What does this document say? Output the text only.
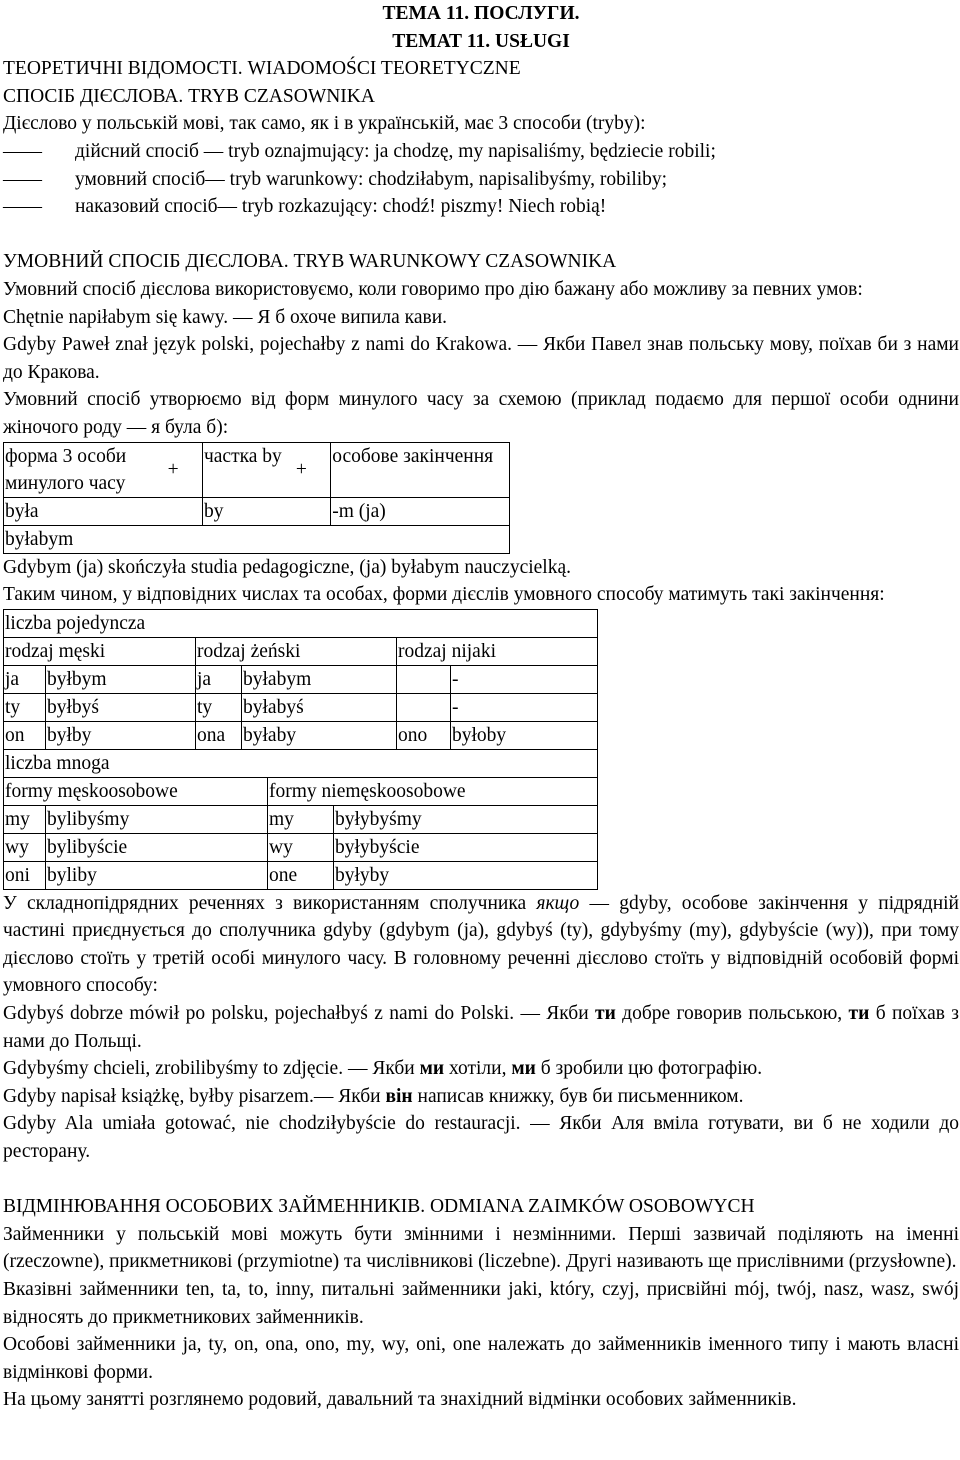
ТЕМА 11. ПОСЛУГИ.
ТЕМАТ 11. USŁUGI
ТЕОРЕТИЧНІ ВІДОМОСТІ. WIADOMOŚCI TEORETYCZNE
СПОСІБ ДІЄСЛОВА. TRYB CZASOWNIKA
Дієслово у польській мові, так само, як і в українській, має 3 способи (tryby):
——	дійсний спосіб — tryb oznajmujący: ja chodzę, my napisaliśmy, będziecie robili;
——	умовний спосіб— tryb warunkowy: chodziłabym, napisalibyśmy, robiliby;
——	наказовий спосіб— tryb rozkazujący: chodź! piszmy! Niech robią!
УМОВНИЙ СПОСІБ ДІЄСЛОВА. TRYB WARUNKOWY CZASOWNIKA
Умовний спосіб дієслова використовуємо, коли говоримо про дію бажану або можливу за певних умов:
Chętnie napiłabym się kawy. — Я б охоче випила кави.
Gdyby Paweł znał język polski, pojechałby z nami do Krakowa. — Якби Павел знав польську мову, поїхав би з нами до Кракова.
Умовний спосіб утворюємо від форм минулого часу за схемою (приклад подаємо для першої особи однини жіночого роду — я була б):
форма 3 особи минулого часу	+	частка by	+	особове закінчення
była		by		-m (ja)
byłabym				
Gdybym (ja) skończyła studia pedagogiczne, (ja) byłabym nauczycielką.
Таким чином, у відповідних числах та особах, форми дієслів умовного способу матимуть такі закінчення:
liczba pojedyncza					
rodzaj męski		rodzaj żeński		rodzaj nijaki	
ja	byłbym	ja	byłabym		-
ty	byłbyś	ty	byłabyś		-
on	byłby	ona	byłaby	ono	byłoby
liczba mnoga			
formy męskoosobowe		formy niemęskoosobowe	
my	bylibyśmy	my	byłybyśmy
wy	bylibyście	wy	byłybyście
oni	byliby	one	byłyby
У складнопідрядних реченнях з використанням сполучника якщо — gdyby, особове закінчення у підрядній частині приєднується до сполучника gdyby (gdybym (ja), gdybyś (ty), gdybyśmy (my), gdybyście (wy)), при тому дієслово стоїть у третій особі минулого часу. В головному реченні дієслово стоїть у відповідній особовій формі умовного способу:
Gdybyś dobrze mówił po polsku, pojechałbyś z nami do Polski. — Якби ти добре говорив польською, ти б поїхав з нами до Польщі.
Gdybyśmy chcieli, zrobilibyśmy to zdjęcie. — Якби ми хотіли, ми б зробили цю фотографію.
Gdyby napisał książkę, byłby pisarzem.— Якби він написав книжку, був би письменником.
Gdyby Ala umiała gotować, nie chodziłybyście do restauracji. — Якби Аля вміла готувати, ви б не ходили до ресторану.
ВІДМІНЮВАННЯ ОСОБОВИХ ЗАЙМЕННИКІВ. ODMIANA ZAIMKÓW OSOBOWYCH
Займенники у польській мові можуть бути змінними і незмінними. Перші зазвичай поділяють на іменні (rzeczowne), прикметникові (przymiotne) та числівникові (liczebne). Другі називають ще прислівними (przysłowne).
Вказівні займенники ten, ta, to, inny, питальні займенники jaki, który, czyj, присвійні mój, twój, nasz, wasz, swój відносять до прикметникових займенників.
Особові займенники ja, ty, on, ona, ono, my, wy, oni, one належать до займенників іменного типу і мають власні відмінкові форми.
На цьому занятті розглянемо родовий, давальний та знахідний відмінки особових займенників.
